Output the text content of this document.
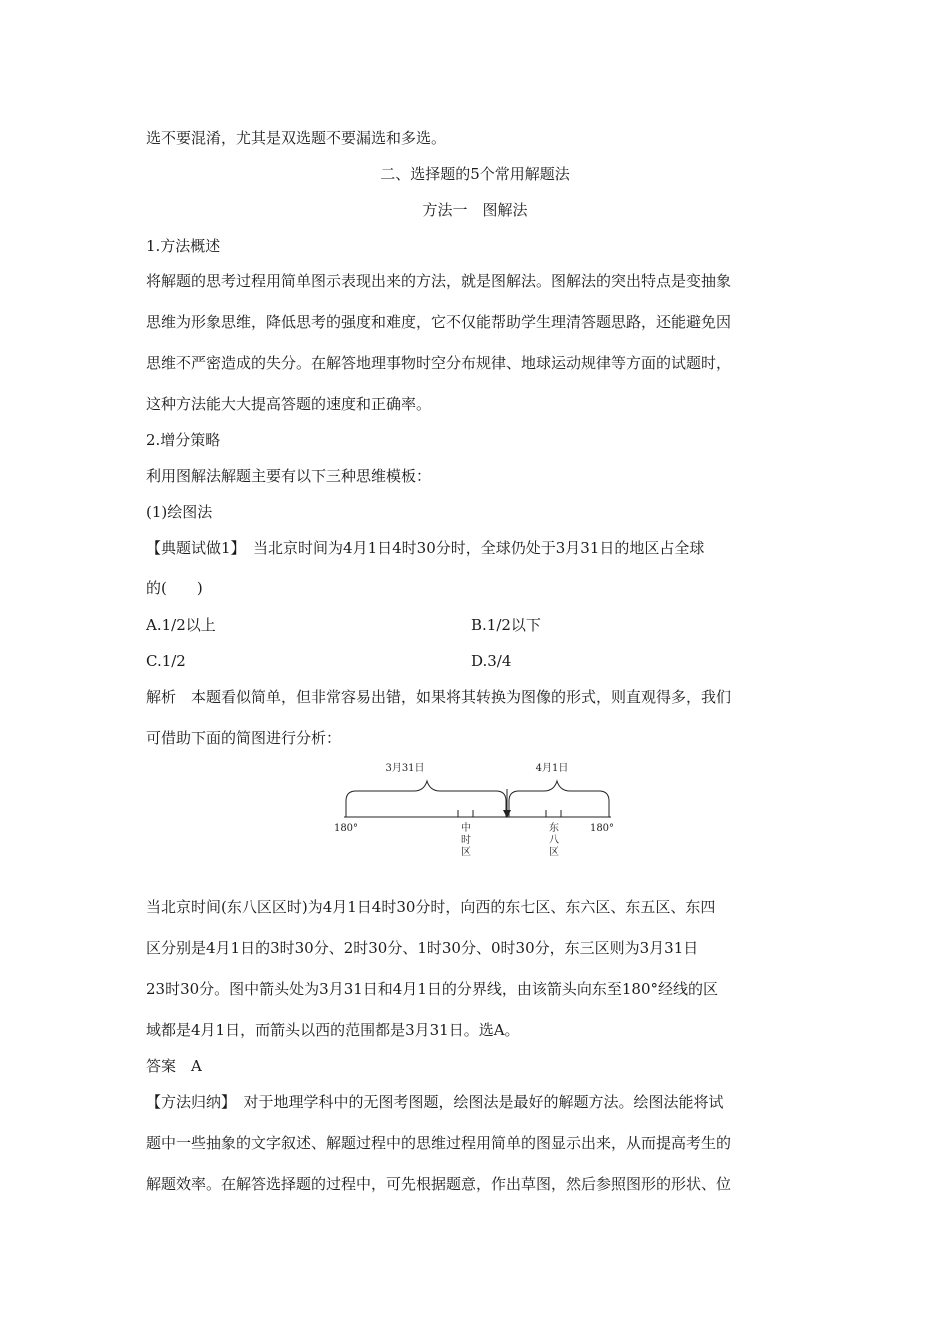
选不要混淆，尤其是双选题不要漏选和多选。
二、选择题的5个常用解题法
方法一　图解法
1.方法概述
将解题的思考过程用简单图示表现出来的方法，就是图解法。图解法的突出特点是变抽象
思维为形象思维，降低思考的强度和难度，它不仅能帮助学生理清答题思路，还能避免因
思维不严密造成的失分。在解答地理事物时空分布规律、地球运动规律等方面的试题时，
这种方法能大大提高答题的速度和正确率。
2.增分策略
利用图解法解题主要有以下三种思维模板：
(1)绘图法
【典题试做1】　当北京时间为4月1日4时30分时，全球仍处于3月31日的地区占全球
的(　　)
A.1/2以上	B.1/2以下
C.1/2	D.3/4
解析　本题看似简单，但非常容易出错，如果将其转换为图像的形式，则直观得多，我们
可借助下面的简图进行分析：
3月31日	4月1日
180°	180°
中
时
区
东
八
区
当北京时间(东八区区时)为4月1日4时30分时，向西的东七区、东六区、东五区、东四
区分别是4月1日的3时30分、2时30分、1时30分、0时30分，东三区则为3月31日
23时30分。图中箭头处为3月31日和4月1日的分界线，由该箭头向东至180°经线的区
域都是4月1日，而箭头以西的范围都是3月31日。选A。
答案　A
【方法归纳】　对于地理学科中的无图考图题，绘图法是最好的解题方法。绘图法能将试
题中一些抽象的文字叙述、解题过程中的思维过程用简单的图显示出来，从而提高考生的
解题效率。在解答选择题的过程中，可先根据题意，作出草图，然后参照图形的形状、位
